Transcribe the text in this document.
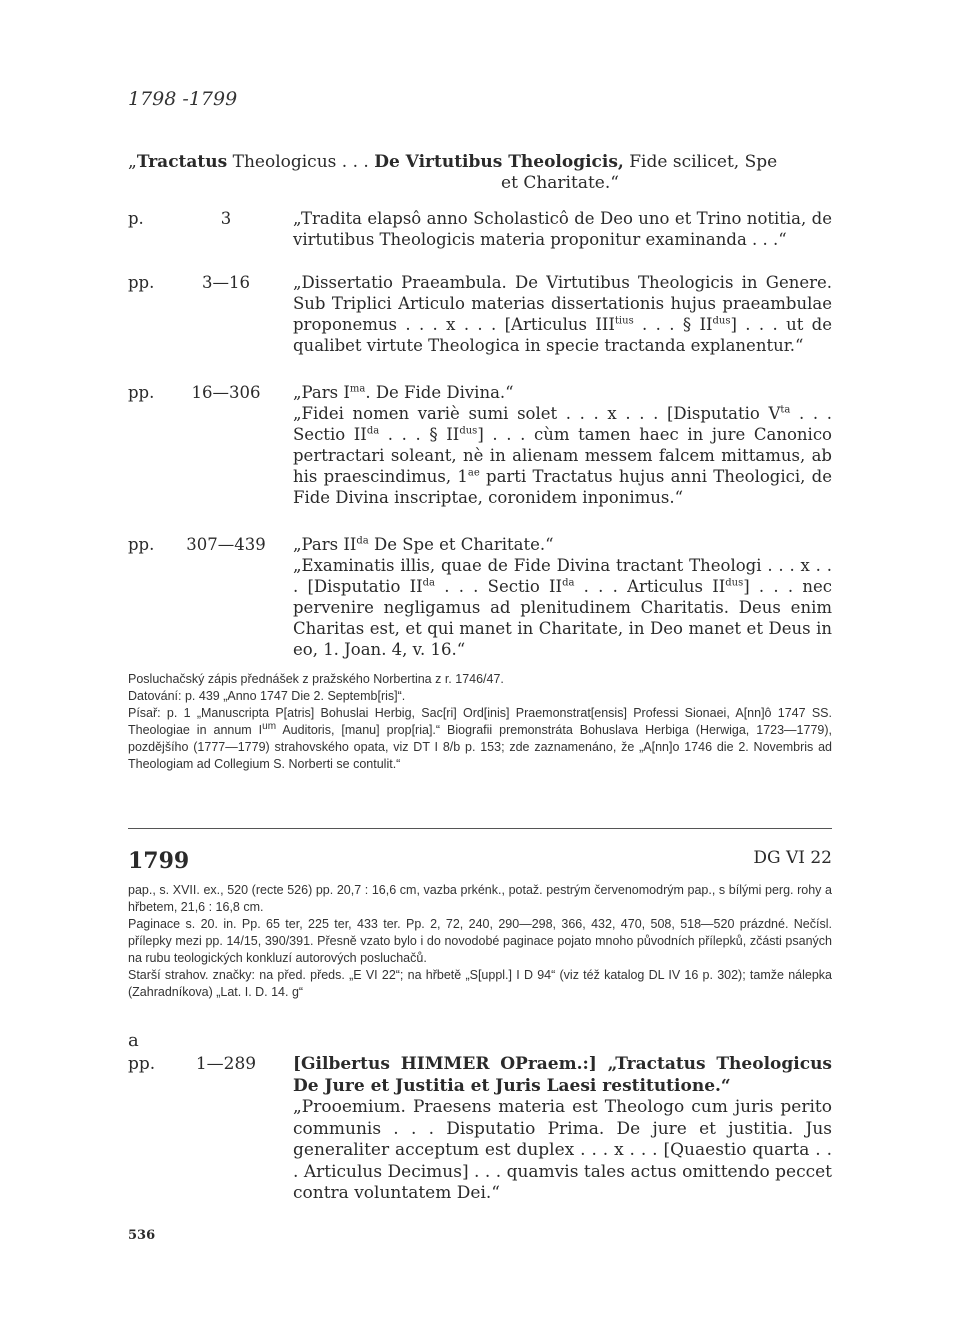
1798 -1799
„Tractatus Theologicus . . . De Virtutibus Theologicis, Fide scilicet, Spe
et Charitate.“
p.	3	„Tradita elapsô anno Scholasticô de Deo uno et Trino notitia, de virtutibus Theologicis materia proponitur examinanda . . .“

pp.	3—16	„Dissertatio Praeambula. De Virtutibus Theologicis in Genere. Sub Triplici Articulo materias dissertationis hujus praeambulae proponemus . . . x . . . [Articulus $III^{tius}$ . . . § $II^{dus}$] . . . ut de qualibet virtute Theologica in specie tractanda explanentur.“

pp.	16—306	„Pars $I^{ma}$. De Fide Divina.“

„Fidei nomen variè sumi solet . . . x . . . [Disputatio $V^{ta}$ . . . Sectio $II^{da}$ . . . § $II^{dus}$] . . . cùm tamen haec in jure Canonico pertractari soleant, nè in alienam messem falcem mittamus, ab his praescindimus, $1^{ae}$ parti Tractatus hujus anni Theologici, de Fide Divina inscriptae, coronidem inponimus.“

pp.	307—439	„Pars $II^{da}$ De Spe et Charitate.“

„Examinatis illis, quae de Fide Divina tractant Theologi . . . x . . . [Disputatio $II^{da}$ . . . Sectio $II^{da}$ . . . Articulus $II^{dus}$] . . . nec pervenire negligamus ad plenitudinem Charitatis. Deus enim Charitas est, et qui manet in Charitate, in Deo manet et Deus in eo, 1. Joan. 4, v. 16.“

Posluchačský zápis přednášek z pražského Norbertina z r. 1746/47.

Datování: p. 439 „Anno 1747 Die 2. Septemb[ris]“.

Písař: p. 1 „Manuscripta P[atris] Bohuslai Herbig, Sac[ri] Ord[inis] Praemonstrat[ensis] Professi Sionaei, A[nn]ô 1747 SS. Theologiae in annum $I^{um}$ Auditoris, [manu] prop[ria].“ Biografii premonstráta Bohuslava Herbiga (Herwiga, 1723—1779), pozdějšího (1777—1779) strahovského opata, viz DT I 8/b p. 153; zde zaznamenáno, že „A[nn]o 1746 die 2. Novembris ad Theologiam ad Collegium S. Norberti se contulit.“

1799	DG VI 22

pap., s. XVII. ex., 520 (recte 526) pp. 20,7 : 16,6 cm, vazba prkénk., potaž. pestrým červenomodrým pap., s bílými perg. rohy a hřbetem, 21,6 : 16,8 cm.

Paginace s. 20. in. Pp. 65 ter, 225 ter, 433 ter. Pp. 2, 72, 240, 290—298, 366, 432, 470, 508, 518—520 prázdné. Nečísl. přílepky mezi pp. 14/15, 390/391. Přesně vzato bylo i do novodobé paginace pojato mnoho původních přílepků, zčásti psaných na rubu teologických konkluzí autorových posluchačů.

Starší strahov. značky: na před. předs. „E VI 22“; na hřbetě „S[uppl.] I D 94“ (viz též katalog DL IV 16 p. 302); tamže nálepka (Zahradníkova) „Lat. I. D. 14. g“

a
pp.	1—289	[Gilbertus HIMMER OPraem.:] „Tractatus Theologicus De Jure et Justitia et Juris Laesi restitutione.“

„Prooemium. Praesens materia est Theologo cum juris perito communis . . . Disputatio Prima. De jure et justitia. Jus generaliter acceptum est duplex . . . x . . . [Quaestio quarta . . . Articulus Decimus] . . . quamvis tales actus omittendo peccet contra voluntatem Dei.“

536
